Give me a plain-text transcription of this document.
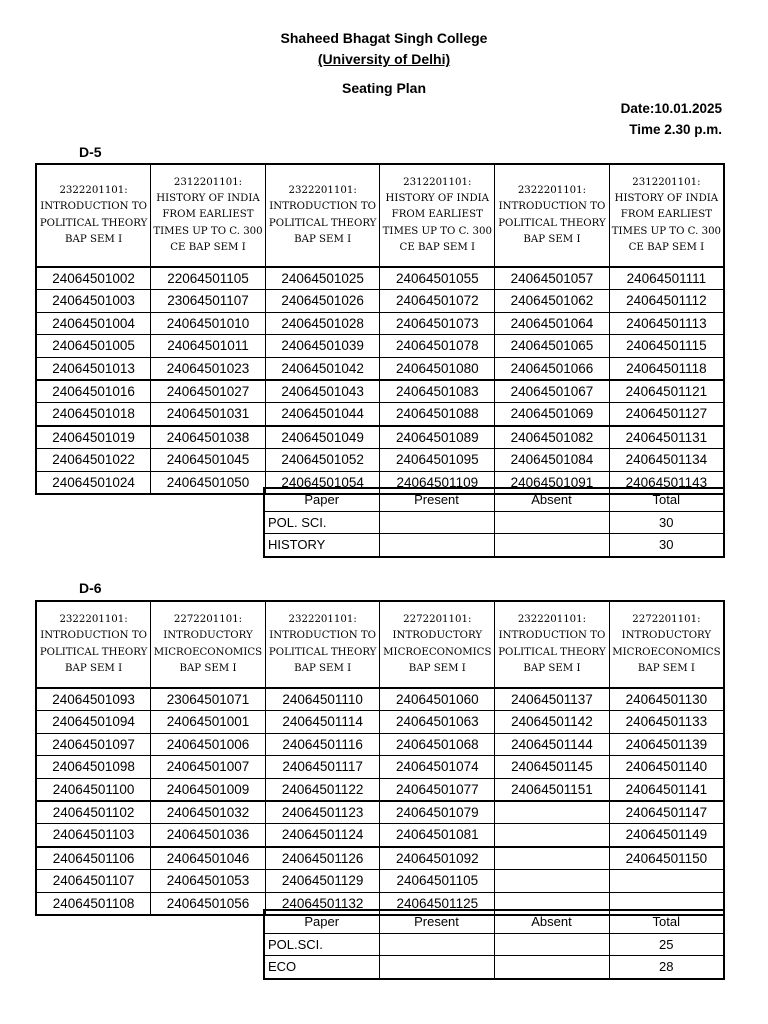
Shaheed Bhagat Singh College
(University of Delhi)
Seating Plan
Date:10.01.2025
Time 2.30 p.m.
D-5
2322201101: INTRODUCTION TO POLITICAL THEORY BAP SEM I	2312201101: HISTORY OF INDIA FROM EARLIEST TIMES UP TO C. 300 CE BAP SEM I	2322201101: INTRODUCTION TO POLITICAL THEORY BAP SEM I	2312201101: HISTORY OF INDIA FROM EARLIEST TIMES UP TO C. 300 CE BAP SEM I	2322201101: INTRODUCTION TO POLITICAL THEORY BAP SEM I	2312201101: HISTORY OF INDIA FROM EARLIEST TIMES UP TO C. 300 CE BAP SEM I
24064501002	22064501105	24064501025	24064501055	24064501057	24064501111
24064501003	23064501107	24064501026	24064501072	24064501062	24064501112
24064501004	24064501010	24064501028	24064501073	24064501064	24064501113
24064501005	24064501011	24064501039	24064501078	24064501065	24064501115
24064501013	24064501023	24064501042	24064501080	24064501066	24064501118
24064501016	24064501027	24064501043	24064501083	24064501067	24064501121
24064501018	24064501031	24064501044	24064501088	24064501069	24064501127
24064501019	24064501038	24064501049	24064501089	24064501082	24064501131
24064501022	24064501045	24064501052	24064501095	24064501084	24064501134
24064501024	24064501050	24064501054	24064501109	24064501091	24064501143
Paper	Present	Absent	Total
POL. SCI.			30
HISTORY			30
D-6
2322201101: INTRODUCTION TO POLITICAL THEORY BAP SEM I	2272201101: INTRODUCTORY MICROECONOMICS BAP SEM I	2322201101: INTRODUCTION TO POLITICAL THEORY BAP SEM I	2272201101: INTRODUCTORY MICROECONOMICS BAP SEM I	2322201101: INTRODUCTION TO POLITICAL THEORY BAP SEM I	2272201101: INTRODUCTORY MICROECONOMICS BAP SEM I
24064501093	23064501071	24064501110	24064501060	24064501137	24064501130
24064501094	24064501001	24064501114	24064501063	24064501142	24064501133
24064501097	24064501006	24064501116	24064501068	24064501144	24064501139
24064501098	24064501007	24064501117	24064501074	24064501145	24064501140
24064501100	24064501009	24064501122	24064501077	24064501151	24064501141
24064501102	24064501032	24064501123	24064501079		24064501147
24064501103	24064501036	24064501124	24064501081		24064501149
24064501106	24064501046	24064501126	24064501092		24064501150
24064501107	24064501053	24064501129	24064501105		
24064501108	24064501056	24064501132	24064501125		
Paper	Present	Absent	Total
POL.SCI.			25
ECO			28
